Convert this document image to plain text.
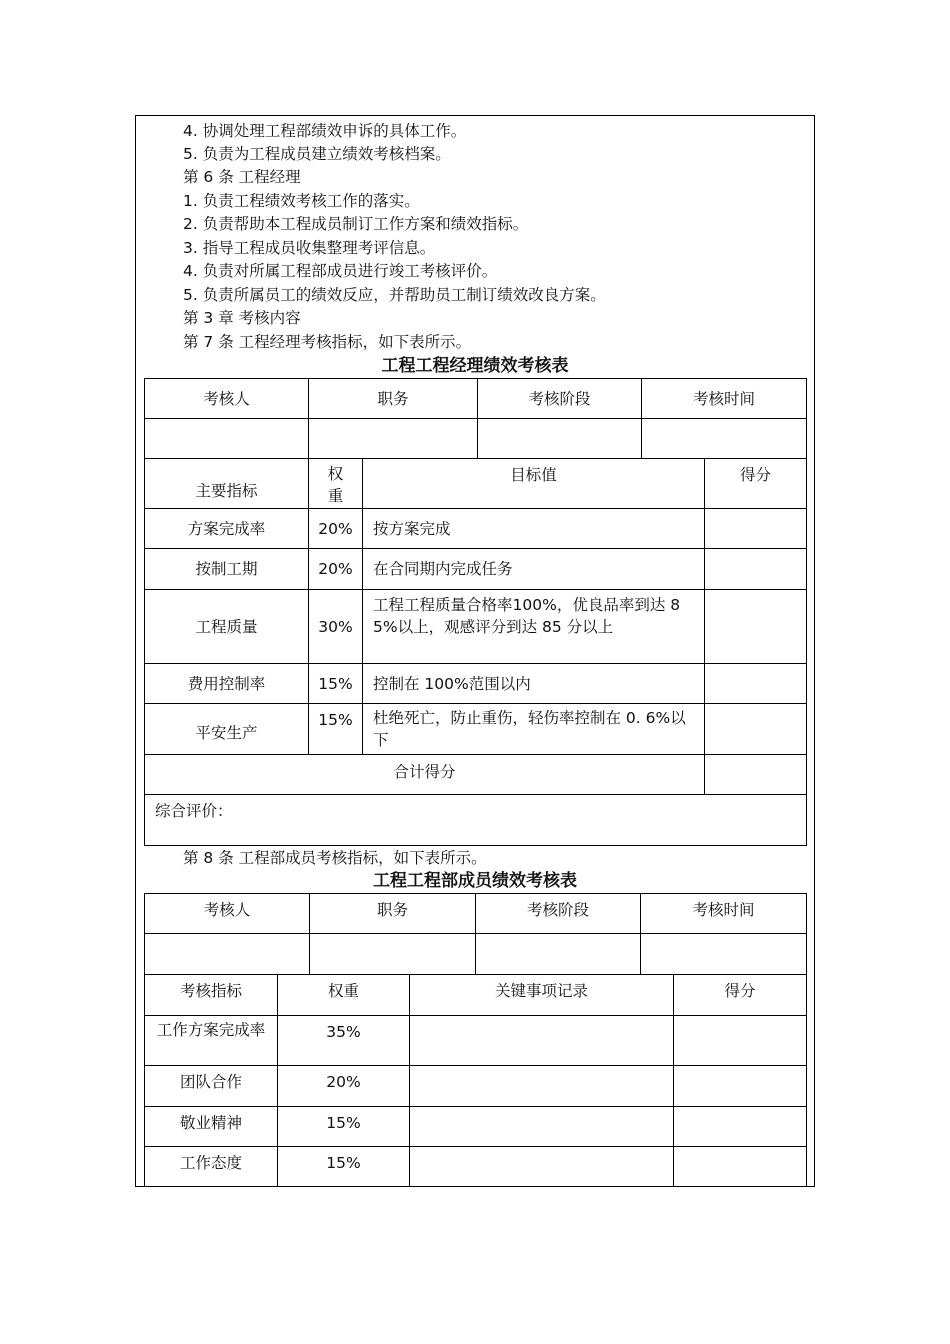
4. 协调处理工程部绩效申诉的具体工作。
5. 负责为工程成员建立绩效考核档案。
第 6 条 工程经理
1. 负责工程绩效考核工作的落实。
2. 负责帮助本工程成员制订工作方案和绩效指标。
3. 指导工程成员收集整理考评信息。
4. 负责对所属工程部成员进行竣工考核评价。
5. 负责所属员工的绩效反应，并帮助员工制订绩效改良方案。
第 3 章 考核内容
第 7 条 工程经理考核指标，如下表所示。
工程工程经理绩效考核表
考核人	职务	考核阶段	考核时间

主要指标	权重	目标值	得分
方案完成率	20%	按方案完成	
按制工期	20%	在合同期内完成任务	
工程质量	30%	工程工程质量合格率100%，优良品率到达 85%以上，观感评分到达 85 分以上	
费用控制率	15%	控制在 100%范围以内	
平安生产	15%	杜绝死亡，防止重伤，轻伤率控制在 0. 6%以下	
合计得分			
综合评价：			
第 8 条 工程部成员考核指标，如下表所示。
工程工程部成员绩效考核表
考核人	职务	考核阶段	考核时间

考核指标	权重	关键事项记录	得分
工作方案完成率	35%		
团队合作	20%		
敬业精神	15%		
工作态度	15%		
